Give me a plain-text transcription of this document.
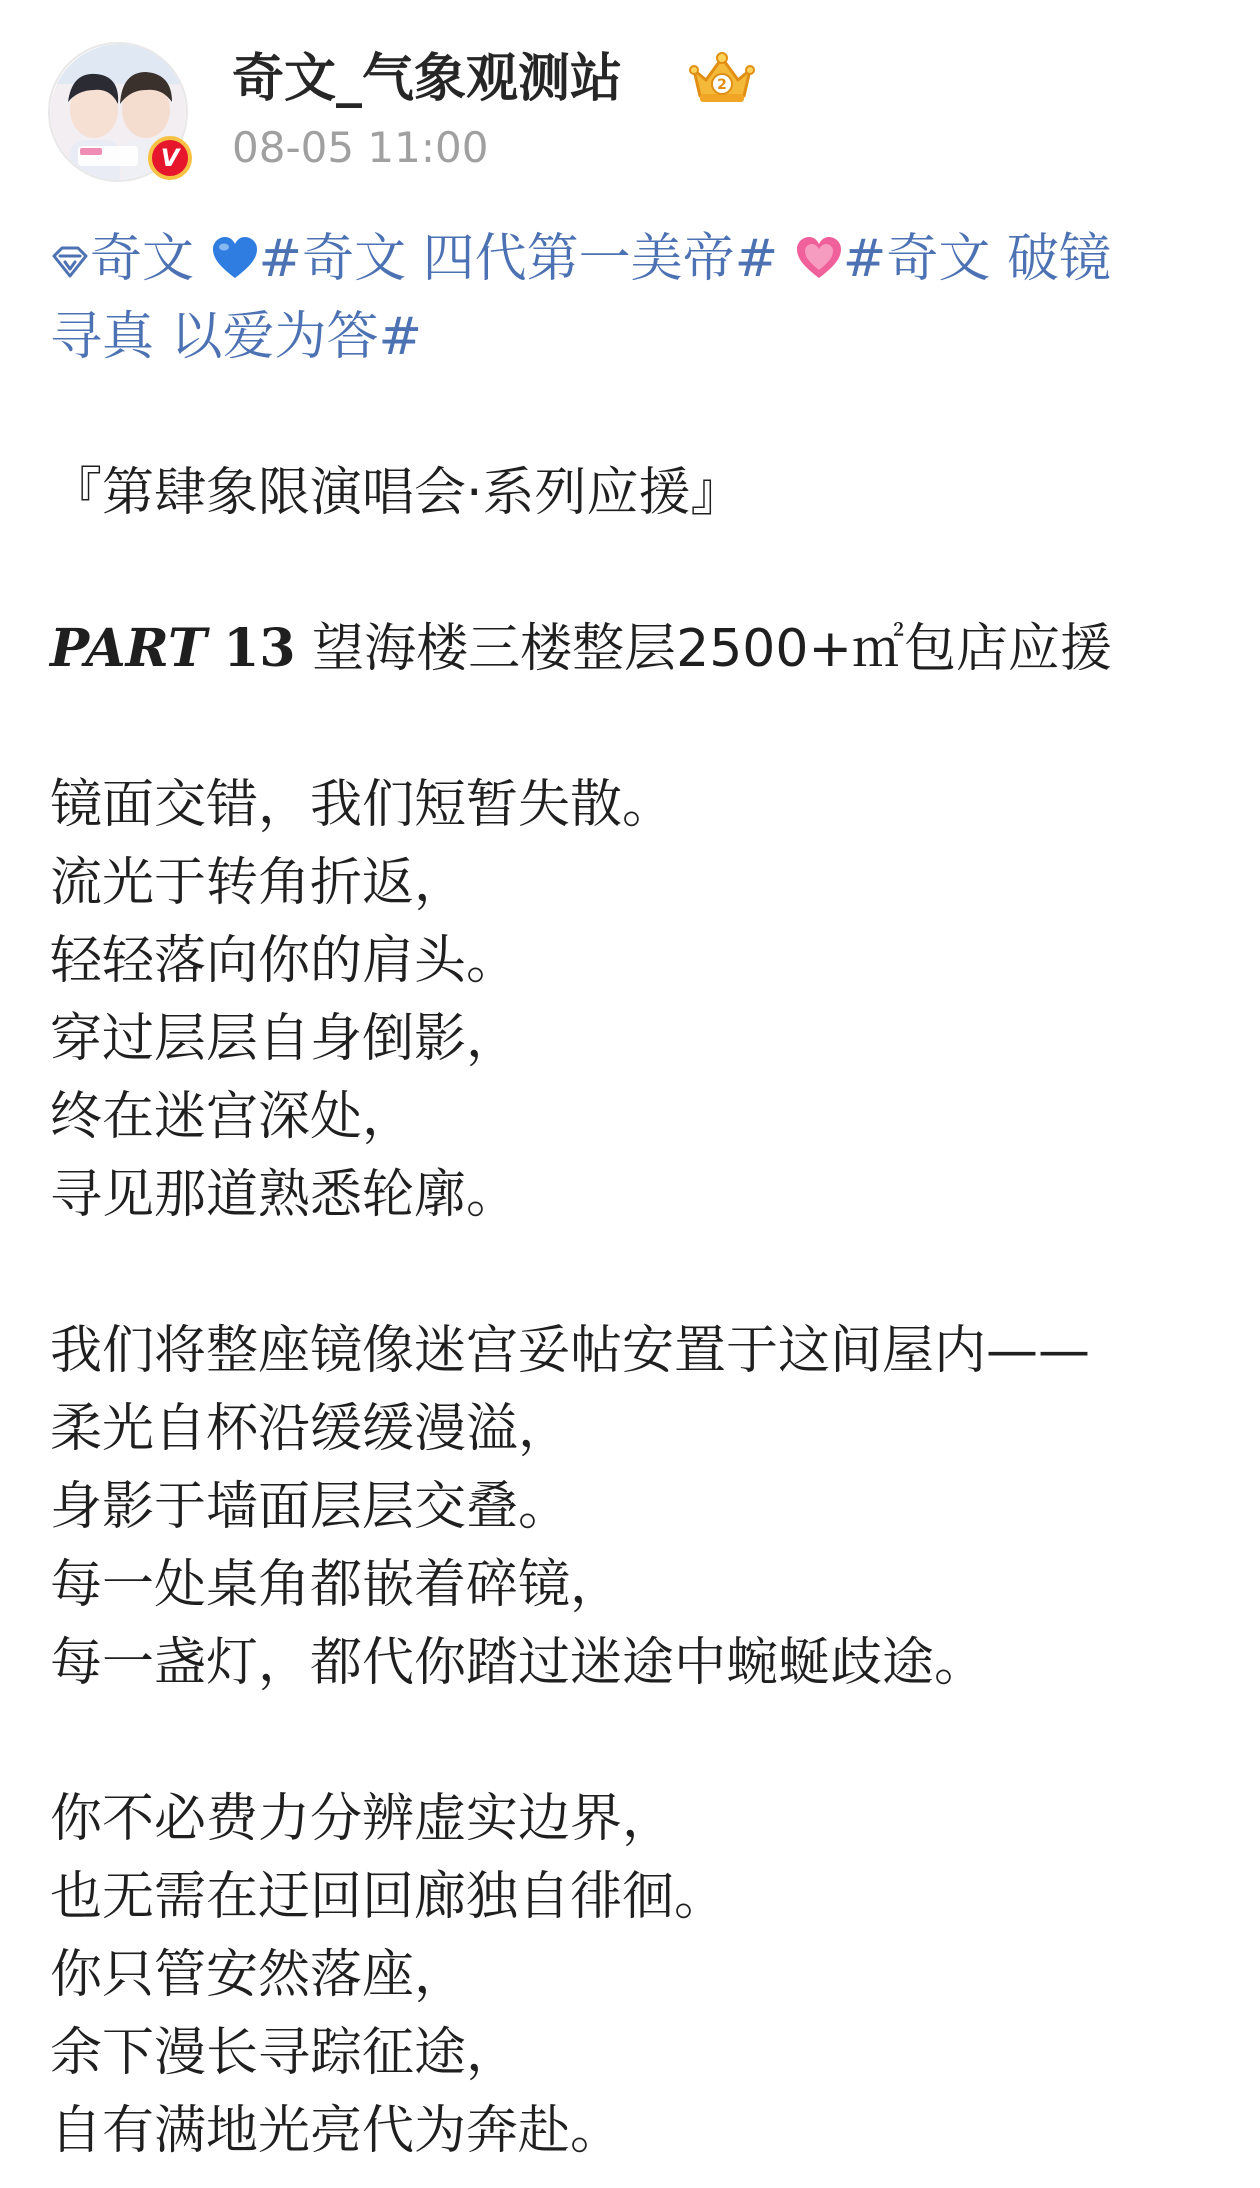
V
奇文_气象观测站	2
08-05 11:00
奇文 #奇文 四代第一美帝# #奇文 破镜
寻真 以爱为答#
『第肆象限演唱会·系列应援』
PART 13 望海楼三楼整层2500+㎡包店应援
镜面交错，我们短暂失散。
流光于转角折返，
轻轻落向你的肩头。
穿过层层自身倒影，
终在迷宫深处，
寻见那道熟悉轮廓。
我们将整座镜像迷宫妥帖安置于这间屋内——
柔光自杯沿缓缓漫溢，
身影于墙面层层交叠。
每一处桌角都嵌着碎镜，
每一盏灯，都代你踏过迷途中蜿蜒歧途。
你不必费力分辨虚实边界，
也无需在迂回回廊独自徘徊。
你只管安然落座，
余下漫长寻踪征途，
自有满地光亮代为奔赴。
